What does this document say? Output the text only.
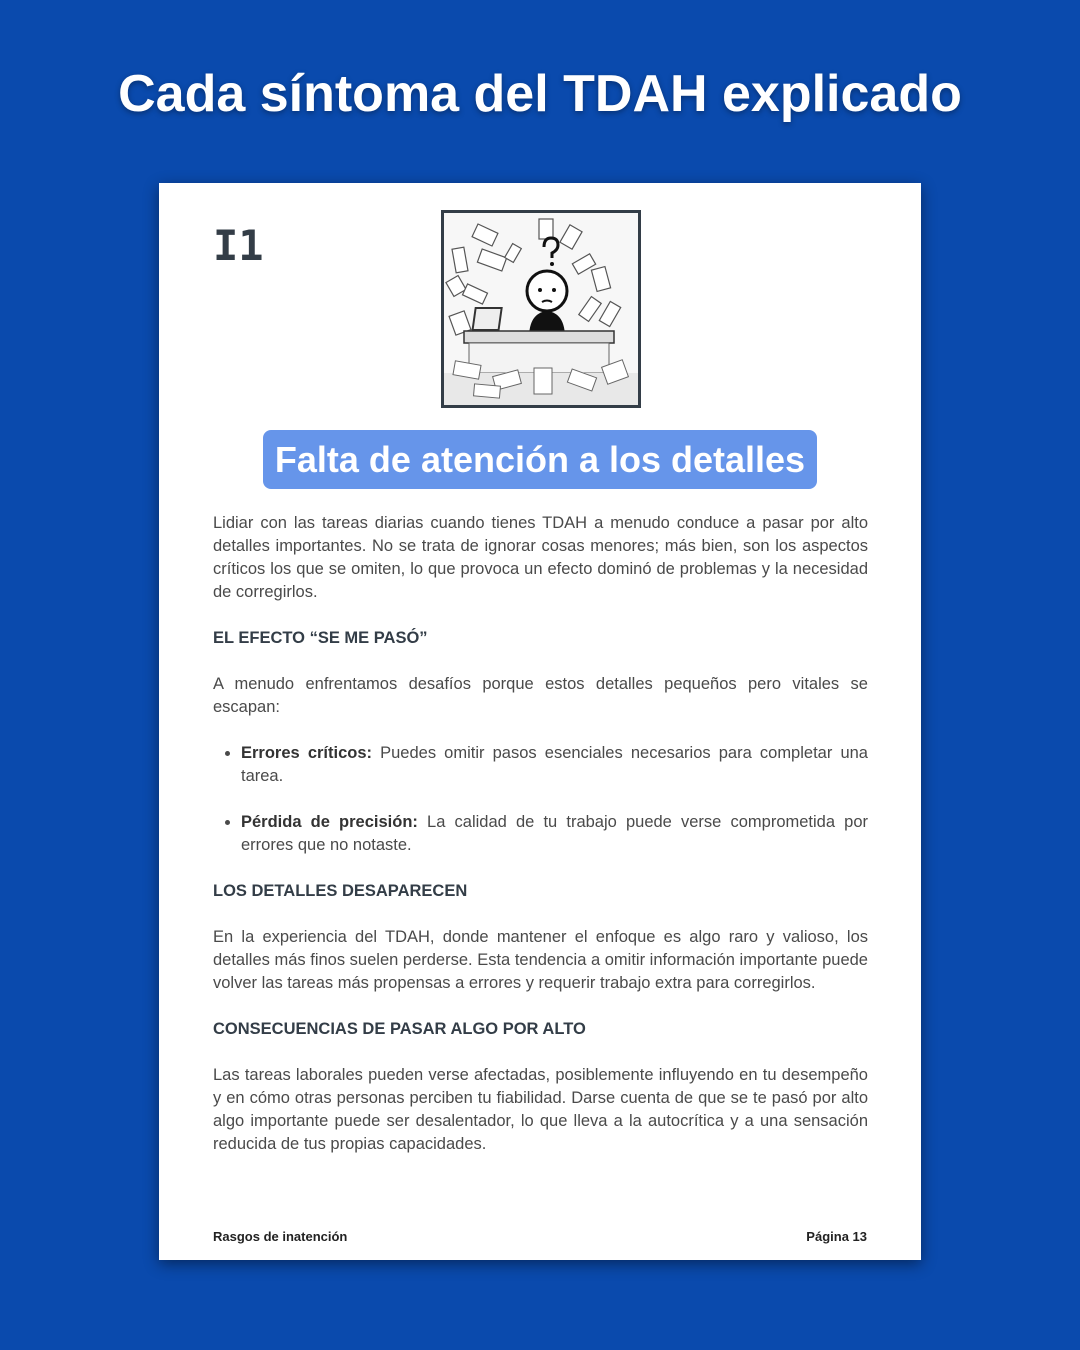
Cada síntoma del TDAH explicado
I1
Falta de atención a los detalles

Lidiar con las tareas diarias cuando tienes TDAH a menudo conduce a pasar por alto detalles importantes. No se trata de ignorar cosas menores; más bien, son los aspectos críticos los que se omiten, lo que provoca un efecto dominó de problemas y la necesidad de corregirlos.

EL EFECTO “SE ME PASÓ”

A menudo enfrentamos desafíos porque estos detalles pequeños pero vitales se escapan:

• Errores críticos: Puedes omitir pasos esenciales necesarios para completar una tarea.
• Pérdida de precisión: La calidad de tu trabajo puede verse comprometida por errores que no notaste.

LOS DETALLES DESAPARECEN

En la experiencia del TDAH, donde mantener el enfoque es algo raro y valioso, los detalles más finos suelen perderse. Esta tendencia a omitir información importante puede volver las tareas más propensas a errores y requerir trabajo extra para corregirlos.

CONSECUENCIAS DE PASAR ALGO POR ALTO

Las tareas laborales pueden verse afectadas, posiblemente influyendo en tu desempeño y en cómo otras personas perciben tu fiabilidad. Darse cuenta de que se te pasó por alto algo importante puede ser desalentador, lo que lleva a la autocrítica y a una sensación reducida de tus propias capacidades.

Rasgos de inatención	Página 13
